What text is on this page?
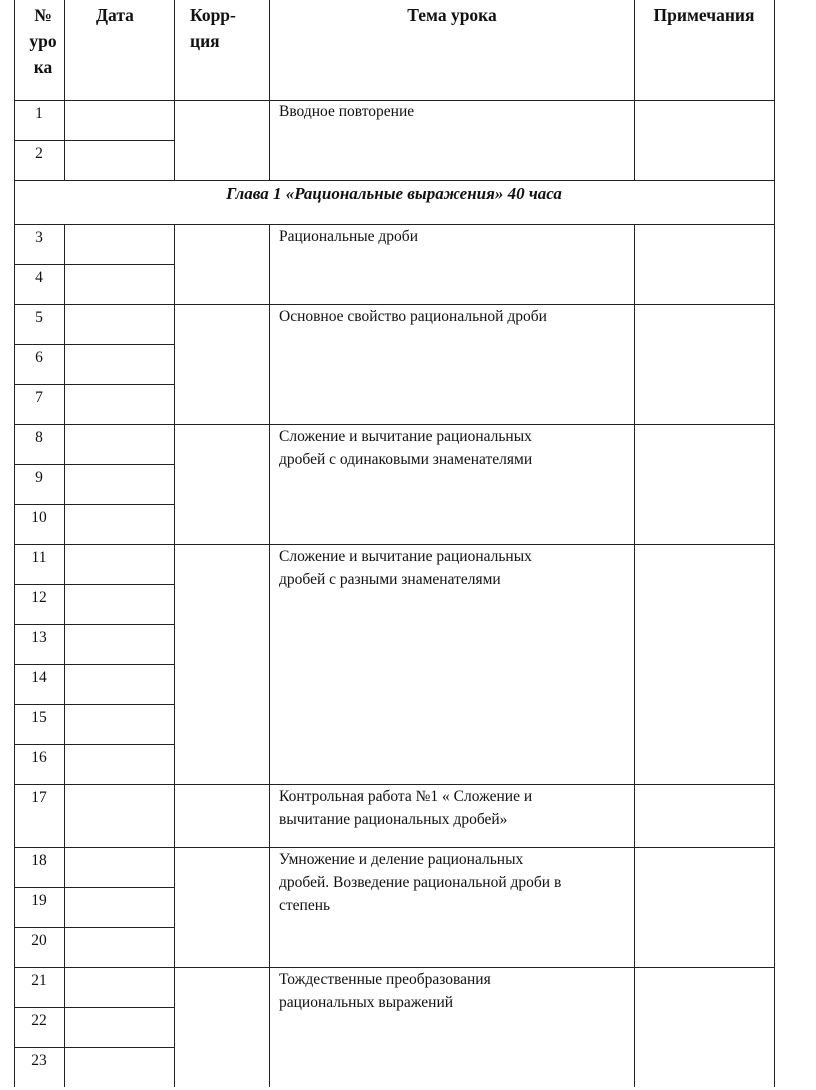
№
уро
ка
Дата	Корр-
ция
Тема урока	Примечания
Глава 1 «Рациональные выражения» 40 часа
Вводное повторение
Рациональные дроби
Основное свойство рациональной дроби
Сложение и вычитание рациональных
дробей с одинаковыми знаменателями
Сложение и вычитание рациональных
дробей с разными знаменателями
Контрольная работа №1 « Сложение и
вычитание рациональных дробей»
Умножение и деление рациональных
дробей. Возведение рациональной дроби в
степень
Тождественные преобразования
рациональных выражений
1
2
3
4
5
6
7
8
9
10
11
12
13
14
15
16
17
18
19
20
21
22
23
